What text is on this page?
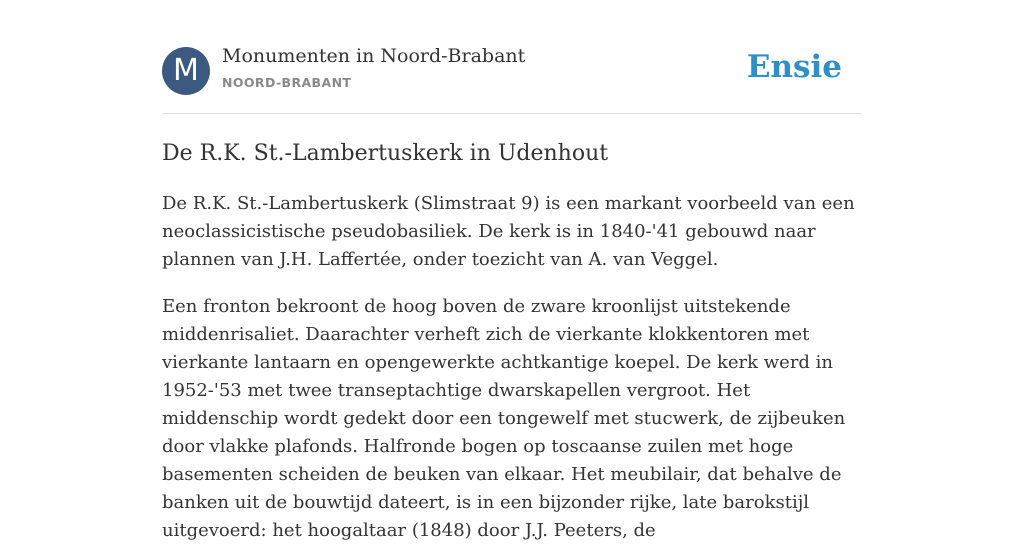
M	Monumenten in Noord-Brabant
NOORD-BRABANT	Ensie
De R.K. St.-Lambertuskerk in Udenhout

De R.K. St.-Lambertuskerk (Slimstraat 9) is een markant voorbeeld van een neoclassicistische pseudobasiliek. De kerk is in 1840-'41 gebouwd naar plannen van J.H. Laffertée, onder toezicht van A. van Veggel.

Een fronton bekroont de hoog boven de zware kroonlijst uitstekende middenrisaliet. Daarachter verheft zich de vierkante klokkentoren met vierkante lantaarn en opengewerkte achtkantige koepel. De kerk werd in 1952-'53 met twee transeptachtige dwarskapellen vergroot. Het middenschip wordt gedekt door een tongewelf met stucwerk, de zijbeuken door vlakke plafonds. Halfronde bogen op toscaanse zuilen met hoge basementen scheiden de beuken van elkaar. Het meubilair, dat behalve de banken uit de bouwtijd dateert, is in een bijzonder rijke, late barokstijl uitgevoerd: het hoogaltaar (1848) door J.J. Peeters, de
